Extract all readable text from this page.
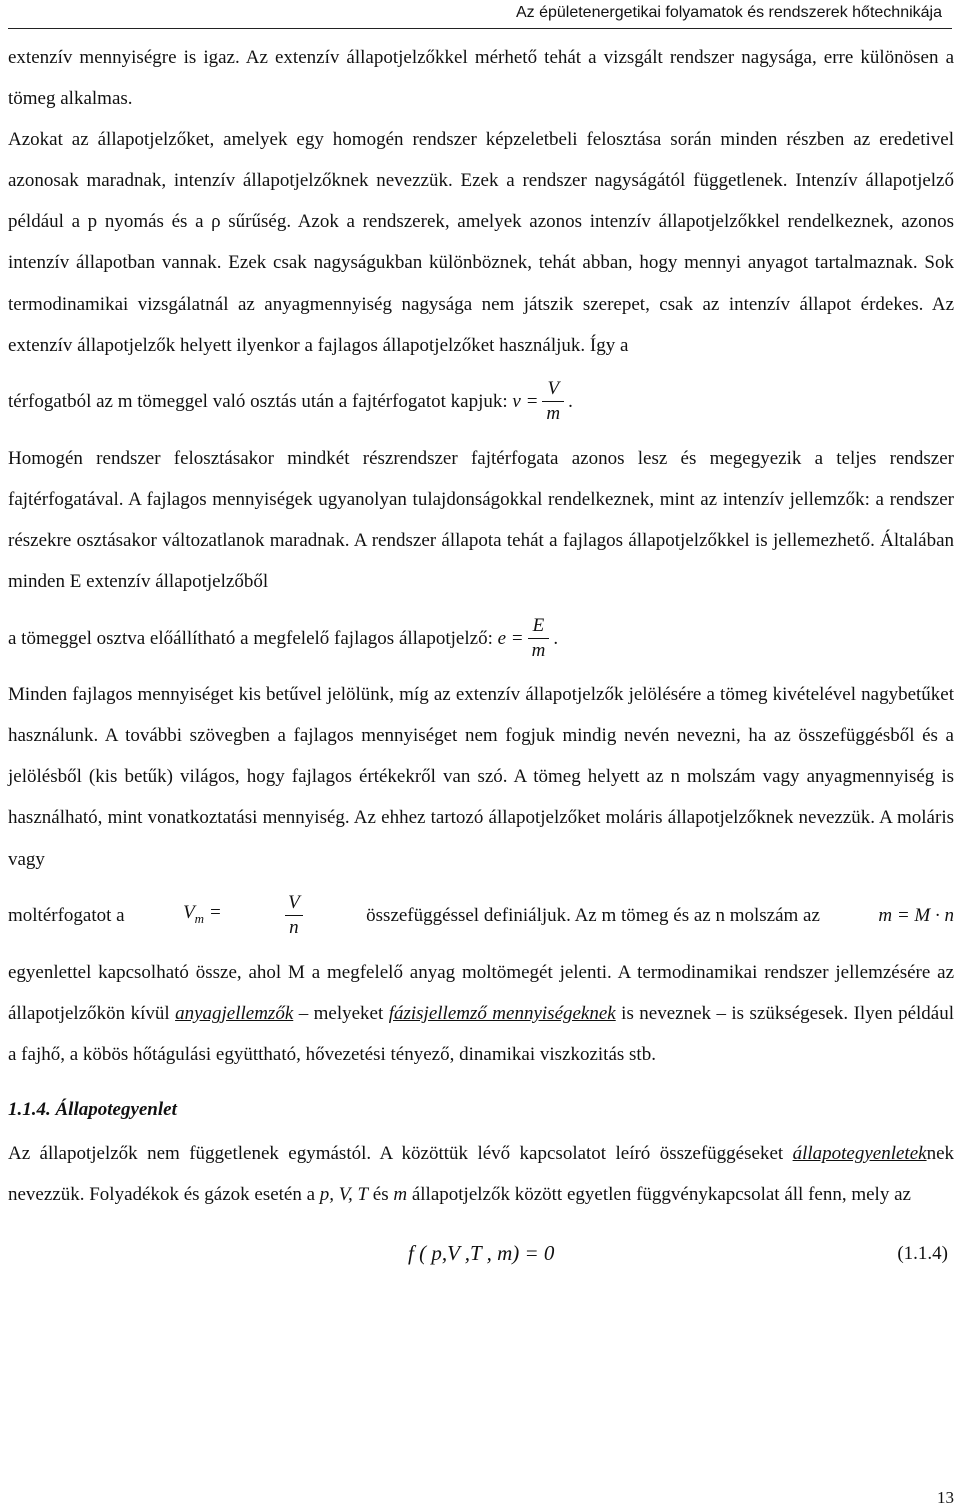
Az épületenergetikai folyamatok és rendszerek hőtechnikája

extenzív mennyiségre is igaz. Az extenzív állapotjelzőkkel mérhető tehát a vizsgált rendszer nagysága, erre különösen a tömeg alkalmas.

Azokat az állapotjelzőket, amelyek egy homogén rendszer képzeletbeli felosztása során minden részben az eredetivel azonosak maradnak, intenzív állapotjelzőknek nevezzük. Ezek a rendszer nagyságától függetlenek. Intenzív állapotjelző például a p nyomás és a ρ sűrűség. Azok a rendszerek, amelyek azonos intenzív állapotjelzőkkel rendelkeznek, azonos intenzív állapotban vannak. Ezek csak nagyságukban különböznek, tehát abban, hogy mennyi anyagot tartalmaznak. Sok termodinamikai vizsgálatnál az anyagmennyiség nagysága nem játszik szerepet, csak az intenzív állapot érdekes. Az extenzív állapotjelzők helyett ilyenkor a fajlagos állapotjelzőket használjuk. Így a

térfogatból az m tömeggel való osztás után a fajtérfogatot kapjuk:
$v = \frac{V}{m}$ .

Homogén rendszer felosztásakor mindkét részrendszer fajtérfogata azonos lesz és megegyezik a teljes rendszer fajtérfogatával. A fajlagos mennyiségek ugyanolyan tulajdonságokkal rendelkeznek, mint az intenzív jellemzők: a rendszer részekre osztásakor változatlanok maradnak. A rendszer állapota tehát a fajlagos állapotjelzőkkel is jellemezhető. Általában minden E extenzív állapotjelzőből

a tömeggel osztva előállítható a megfelelő fajlagos állapotjelző:
$e = \frac{E}{m}$ .

Minden fajlagos mennyiséget kis betűvel jelölünk, míg az extenzív állapotjelzők jelölésére a tömeg kivételével nagybetűket használunk. A további szövegben a fajlagos mennyiséget nem fogjuk mindig nevén nevezni, ha az összefüggésből és a jelölésből (kis betűk) világos, hogy fajlagos értékekről van szó. A tömeg helyett az n molszám vagy anyagmennyiség is használható, mint vonatkoztatási mennyiség. Az ehhez tartozó állapotjelzőket moláris állapotjelzőknek nevezzük. A moláris vagy

moltérfogatot a	$V_m$ =	$\frac{V}{n}$	összefüggéssel definiáljuk. Az m tömeg és az n molszám az	m = M · n

egyenlettel kapcsolható össze, ahol M a megfelelő anyag moltömegét jelenti. A termodinamikai rendszer jellemzésére az állapotjelzőkön kívül anyagjellemzők – melyeket fázisjellemző mennyiségeknek is neveznek – is szükségesek. Ilyen például a fajhő, a köbös hőtágulási együttható, hővezetési tényező, dinamikai viszkozitás stb.

1.1.4. Állapotegyenlet

Az állapotjelzők nem függetlenek egymástól. A közöttük lévő kapcsolatot leíró összefüggéseket állapotegyenleteknek nevezzük. Folyadékok és gázok esetén a p, V, T és m állapotjelzők között egyetlen függvénykapcsolat áll fenn, mely az

f ( p,V ,T , m) = 0	(1.1.4)
13
